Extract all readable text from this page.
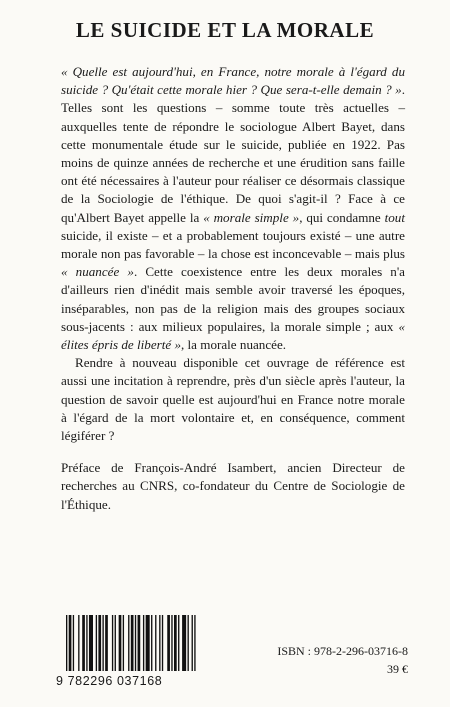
LE SUICIDE ET LA MORALE

« Quelle est aujourd'hui, en France, notre morale à l'égard du suicide ? Qu'était cette morale hier ? Que sera-t-elle demain ? ». Telles sont les questions – somme toute très actuelles – auxquelles tente de répondre le sociologue Albert Bayet, dans cette monumentale étude sur le suicide, publiée en 1922. Pas moins de quinze années de recherche et une érudition sans faille ont été nécessaires à l'auteur pour réaliser ce désormais classique de la Sociologie de l'éthique. De quoi s'agit-il ? Face à ce qu'Albert Bayet appelle la « morale simple », qui condamne tout suicide, il existe – et a probablement toujours existé – une autre morale non pas favorable – la chose est inconcevable – mais plus « nuancée ». Cette coexistence entre les deux morales n'a d'ailleurs rien d'inédit mais semble avoir traversé les époques, inséparables, non pas de la religion mais des groupes sociaux sous-jacents : aux milieux populaires, la morale simple ; aux « élites épris de liberté », la morale nuancée.

Rendre à nouveau disponible cet ouvrage de référence est aussi une incitation à reprendre, près d'un siècle après l'auteur, la question de savoir quelle est aujourd'hui en France notre morale à l'égard de la mort volontaire et, en conséquence, comment légiférer ?

Préface de François-André Isambert, ancien Directeur de recherches au CNRS, co-fondateur du Centre de Sociologie de l'Éthique.

9 782296 037168
ISBN : 978-2-296-03716-8
39 €
